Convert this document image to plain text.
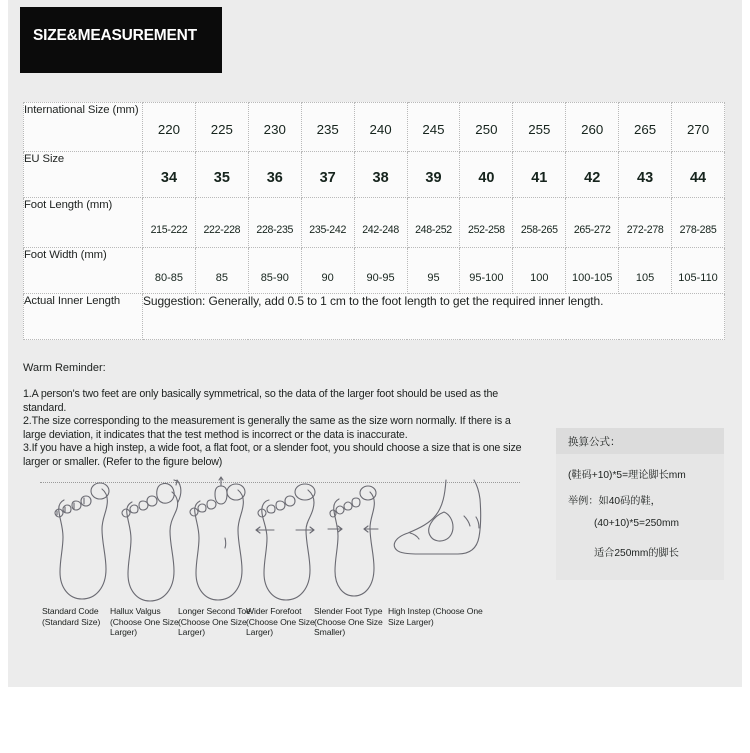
SIZE&MEASUREMENT
International Size (mm)	220	225	230	235	240	245	250	255	260	265	270

EU Size	34	35	36	37	38	39	40	41	42	43	44

Foot Length (mm)	215-222	222-228	228-235	235-242	242-248	248-252	252-258	258-265	265-272	272-278	278-285

Foot Width (mm)	80-85	85	85-90	90	90-95	95	95-100	100	100-105	105	105-110

Actual Inner Length	Suggestion: Generally, add 0.5 to 1 cm to the foot length to get the required inner length.										
Warm Reminder:
1.A person's two feet are only basically symmetrical, so the data of the larger foot should be used as the standard.
2.The size corresponding to the measurement is generally the same as the size worn normally. If there is a large deviation, it indicates that the test method is incorrect or the data is inaccurate.
3.If you have a high instep, a wide foot, a flat foot, or a slender foot, you should choose a size that is one size larger or smaller. (Refer to the figure below)
换算公式：
(鞋码+10)*5=理论脚长mm
举例：如40码的鞋，
(40+10)*5=250mm
适合250mm的脚长
Standard Code (Standard Size)
Hallux Valgus (Choose One Size Larger)
Longer Second Toe (Choose One Size Larger)
Wider Forefoot (Choose One Size Larger)
Slender Foot Type (Choose One Size Smaller)
High Instep (Choose One Size Larger)
